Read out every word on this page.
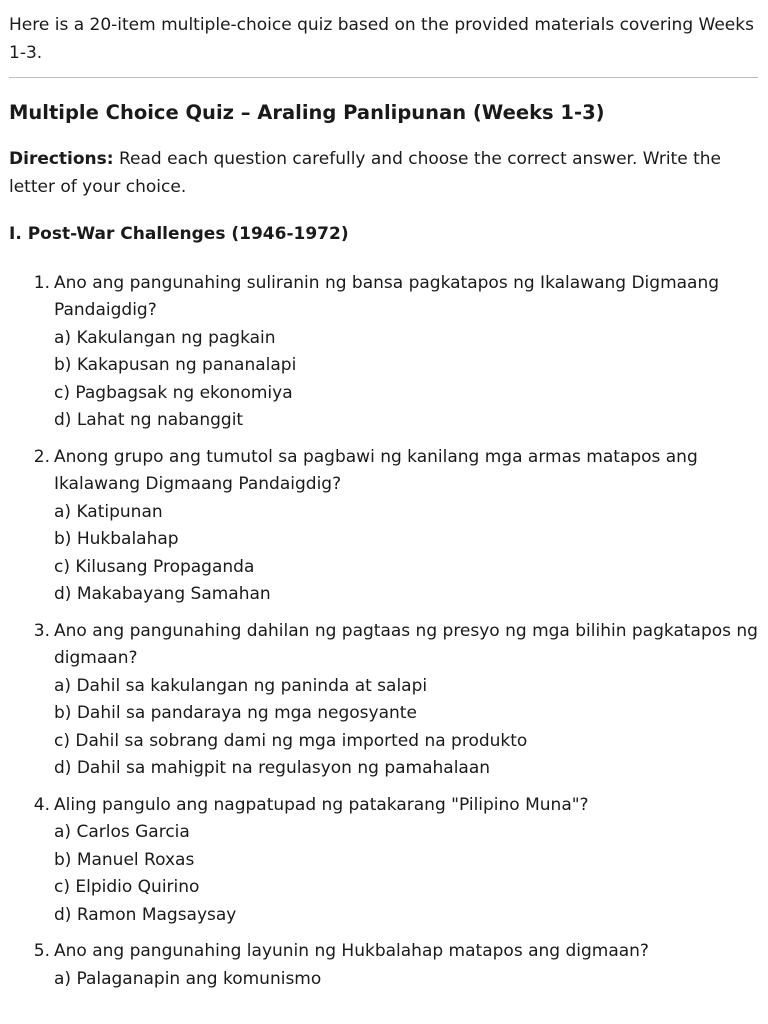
Here is a 20-item multiple-choice quiz based on the provided materials covering Weeks 1-3.

Multiple Choice Quiz – Araling Panlipunan (Weeks 1-3)

Directions: Read each question carefully and choose the correct answer. Write the letter of your choice.

I. Post-War Challenges (1946-1972)
1. Ano ang pangunahing suliranin ng bansa pagkatapos ng Ikalawang Digmaang Pandaigdig?
a) Kakulangan ng pagkain
b) Kakapusan ng pananalapi
c) Pagbagsak ng ekonomiya
d) Lahat ng nabanggit
2. Anong grupo ang tumutol sa pagbawi ng kanilang mga armas matapos ang Ikalawang Digmaang Pandaigdig?
a) Katipunan
b) Hukbalahap
c) Kilusang Propaganda
d) Makabayang Samahan
3. Ano ang pangunahing dahilan ng pagtaas ng presyo ng mga bilihin pagkatapos ng digmaan?
a) Dahil sa kakulangan ng paninda at salapi
b) Dahil sa pandaraya ng mga negosyante
c) Dahil sa sobrang dami ng mga imported na produkto
d) Dahil sa mahigpit na regulasyon ng pamahalaan
4. Aling pangulo ang nagpatupad ng patakarang "Pilipino Muna"?
a) Carlos Garcia
b) Manuel Roxas
c) Elpidio Quirino
d) Ramon Magsaysay
5. Ano ang pangunahing layunin ng Hukbalahap matapos ang digmaan?
a) Palaganapin ang komunismo
